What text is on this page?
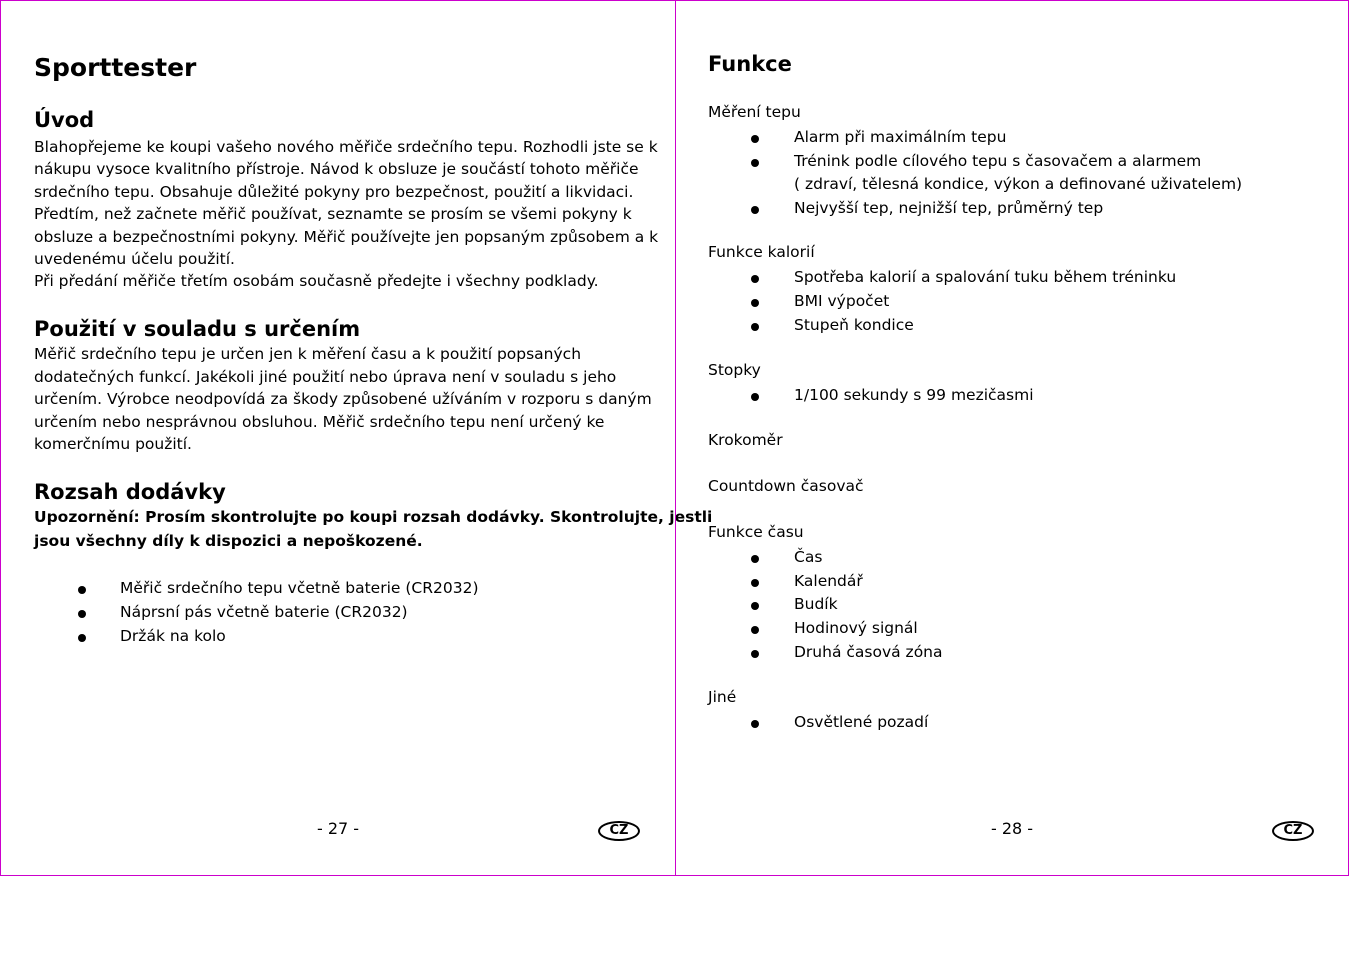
Sporttester
Úvod
Blahopřejeme ke koupi vašeho nového měřiče srdečního tepu. Rozhodli jste se k
nákupu vysoce kvalitního přístroje. Návod k obsluze je součástí tohoto měřiče
srdečního tepu. Obsahuje důležité pokyny pro bezpečnost, použití a likvidaci.
Předtím, než začnete měřič používat, seznamte se prosím se všemi pokyny k
obsluze a bezpečnostními pokyny. Měřič používejte jen popsaným způsobem a k
uvedenému účelu použití.
Při předání měřiče třetím osobám současně předejte i všechny podklady.
Použití v souladu s určením
Měřič srdečního tepu je určen jen k měření času a k použití popsaných
dodatečných funkcí. Jakékoli jiné použití nebo úprava není v souladu s jeho
určením. Výrobce neodpovídá za škody způsobené užíváním v rozporu s daným
určením nebo nesprávnou obsluhou. Měřič srdečního tepu není určený ke
komerčnímu použití.
Rozsah dodávky
Upozornění: Prosím skontrolujte po koupi rozsah dodávky. Skontrolujte, jestli
jsou všechny díly k dispozici a nepoškozené.
Měřič srdečního tepu včetně baterie (CR2032)
Náprsní pás včetně baterie (CR2032)
Držák na kolo
- 27 -	CZ
Funkce
Měření tepu
Alarm při maximálním tepu
Trénink podle cílového tepu s časovačem a alarmem
( zdraví, tělesná kondice, výkon a definované uživatelem)
Nejvyšší tep, nejnižší tep, průměrný tep
Funkce kalorií
Spotřeba kalorií a spalování tuku během tréninku
BMI výpočet
Stupeň kondice
Stopky
1/100 sekundy s 99 mezičasmi
Krokoměr
Countdown časovač
Funkce času
Čas
Kalendář
Budík
Hodinový signál
Druhá časová zóna
Jiné
Osvětlené pozadí
- 28 -	CZ
